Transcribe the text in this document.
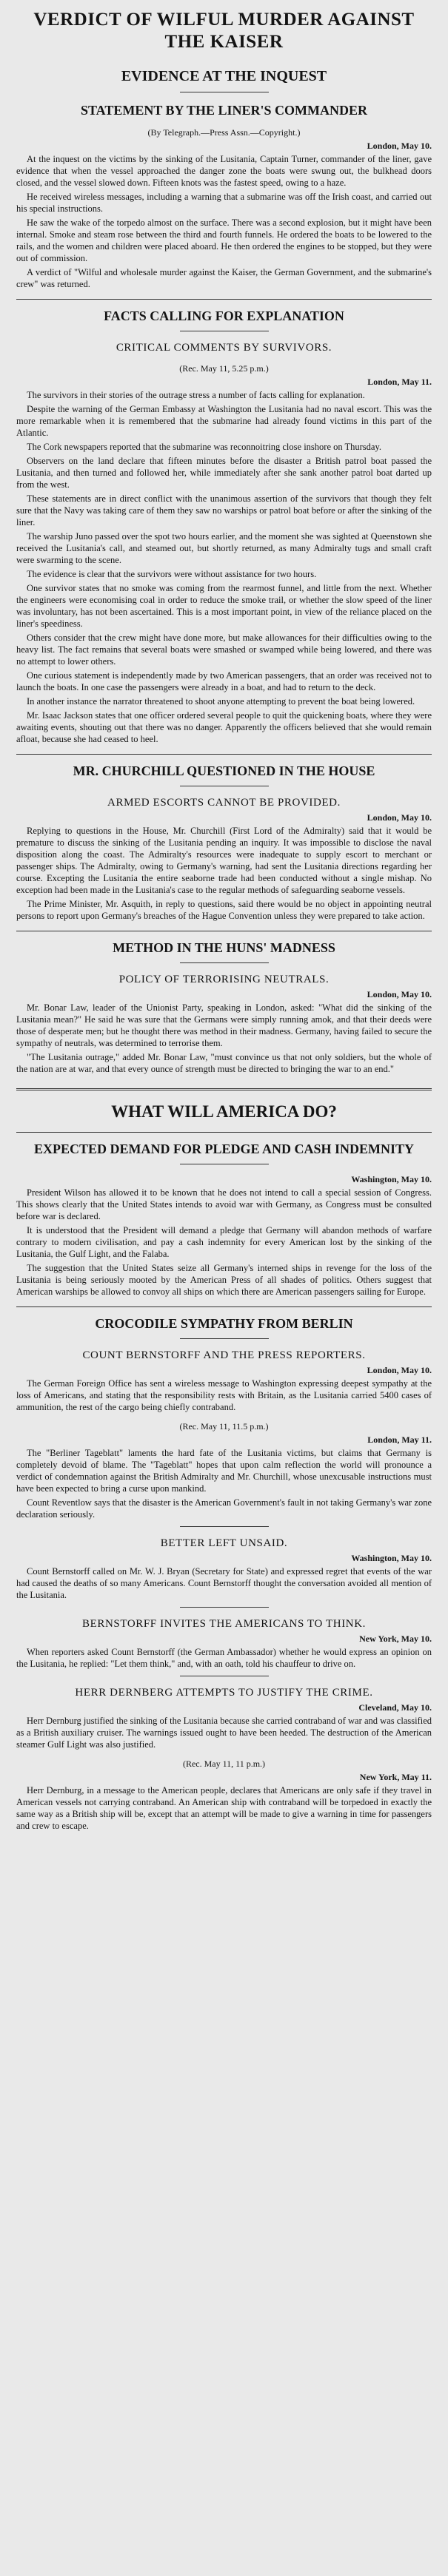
VERDICT OF WILFUL MURDER AGAINST
THE KAISER
EVIDENCE AT THE INQUEST
STATEMENT BY THE LINER'S COMMANDER
(By Telegraph.—Press Assn.—Copyright.)
London, May 10.

At the inquest on the victims by the sinking of the Lusitania, Captain Turner, commander of the liner, gave evidence that when the vessel approached the danger zone the boats were swung out, the bulkhead doors closed, and the vessel slowed down. Fifteen knots was the fastest speed, owing to a haze.

He received wireless messages, including a warning that a submarine was off the Irish coast, and carried out his special instructions.

He saw the wake of the torpedo almost on the surface. There was a second explosion, but it might have been internal. Smoke and steam rose between the third and fourth funnels. He ordered the boats to be lowered to the rails, and the women and children were placed aboard. He then ordered the engines to be stopped, but they were out of commission.

A verdict of "Wilful and wholesale murder against the Kaiser, the German Government, and the submarine's crew" was returned.

FACTS CALLING FOR EXPLANATION
CRITICAL COMMENTS BY SURVIVORS.
(Rec. May 11, 5.25 p.m.)
London, May 11.

The survivors in their stories of the outrage stress a number of facts calling for explanation.

Despite the warning of the German Embassy at Washington the Lusitania had no naval escort. This was the more remarkable when it is remembered that the submarine had already found victims in this part of the Atlantic.

The Cork newspapers reported that the submarine was reconnoitring close inshore on Thursday.

Observers on the land declare that fifteen minutes before the disaster a British patrol boat passed the Lusitania, and then turned and followed her, while immediately after she sank another patrol boat darted up from the west.

These statements are in direct conflict with the unanimous assertion of the survivors that though they felt sure that the Navy was taking care of them they saw no warships or patrol boat before or after the sinking of the liner.

The warship Juno passed over the spot two hours earlier, and the moment she was sighted at Queenstown she received the Lusitania's call, and steamed out, but shortly returned, as many Admiralty tugs and small craft were swarming to the scene.

The evidence is clear that the survivors were without assistance for two hours.

One survivor states that no smoke was coming from the rearmost funnel, and little from the next. Whether the engineers were economising coal in order to reduce the smoke trail, or whether the slow speed of the liner was involuntary, has not been ascertained. This is a most important point, in view of the reliance placed on the liner's speediness.

Others consider that the crew might have done more, but make allowances for their difficulties owing to the heavy list. The fact remains that several boats were smashed or swamped while being lowered, and there was no attempt to lower others.

One curious statement is independently made by two American passengers, that an order was received not to launch the boats. In one case the passengers were already in a boat, and had to return to the deck.

In another instance the narrator threatened to shoot anyone attempting to prevent the boat being lowered.

Mr. Isaac Jackson states that one officer ordered several people to quit the quickening boats, where they were awaiting events, shouting out that there was no danger. Apparently the officers believed that she would remain afloat, because she had ceased to heel.

MR. CHURCHILL QUESTIONED IN THE HOUSE
ARMED ESCORTS CANNOT BE PROVIDED.
London, May 10.

Replying to questions in the House, Mr. Churchill (First Lord of the Admiralty) said that it would be premature to discuss the sinking of the Lusitania pending an inquiry. It was impossible to disclose the naval disposition along the coast. The Admiralty's resources were inadequate to supply escort to merchant or passenger ships. The Admiralty, owing to Germany's warning, had sent the Lusitania directions regarding her course. Excepting the Lusitania the entire seaborne trade had been conducted without a single mishap. No exception had been made in the Lusitania's case to the regular methods of safeguarding seaborne vessels.

The Prime Minister, Mr. Asquith, in reply to questions, said there would be no object in appointing neutral persons to report upon Germany's breaches of the Hague Convention unless they were prepared to take action.

METHOD IN THE HUNS' MADNESS
POLICY OF TERRORISING NEUTRALS.
London, May 10.

Mr. Bonar Law, leader of the Unionist Party, speaking in London, asked: "What did the sinking of the Lusitania mean?" He said he was sure that the Germans were simply running amok, and that their deeds were those of desperate men; but he thought there was method in their madness. Germany, having failed to secure the sympathy of neutrals, was determined to terrorise them.

"The Lusitania outrage," added Mr. Bonar Law, "must convince us that not only soldiers, but the whole of the nation are at war, and that every ounce of strength must be directed to bringing the war to an end."

WHAT WILL AMERICA DO?
EXPECTED DEMAND FOR PLEDGE AND CASH INDEMNITY
Washington, May 10.

President Wilson has allowed it to be known that he does not intend to call a special session of Congress. This shows clearly that the United States intends to avoid war with Germany, as Congress must be consulted before war is declared.

It is understood that the President will demand a pledge that Germany will abandon methods of warfare contrary to modern civilisation, and pay a cash indemnity for every American lost by the sinking of the Lusitania, the Gulf Light, and the Falaba.

The suggestion that the United States seize all Germany's interned ships in revenge for the loss of the Lusitania is being seriously mooted by the American Press of all shades of politics. Others suggest that American warships be allowed to convoy all ships on which there are American passengers sailing for Europe.

CROCODILE SYMPATHY FROM BERLIN
COUNT BERNSTORFF AND THE PRESS REPORTERS.
London, May 10.

The German Foreign Office has sent a wireless message to Washington expressing deepest sympathy at the loss of Americans, and stating that the responsibility rests with Britain, as the Lusitania carried 5400 cases of ammunition, the rest of the cargo being chiefly contraband.

(Rec. May 11, 11.5 p.m.)
London, May 11.

The "Berliner Tageblatt" laments the hard fate of the Lusitania victims, but claims that Germany is completely devoid of blame. The "Tageblatt" hopes that upon calm reflection the world will pronounce a verdict of condemnation against the British Admiralty and Mr. Churchill, whose unexcusable instructions must have been expected to bring a curse upon mankind.

Count Reventlow says that the disaster is the American Government's fault in not taking Germany's war zone declaration seriously.

BETTER LEFT UNSAID.
Washington, May 10.

Count Bernstorff called on Mr. W. J. Bryan (Secretary for State) and expressed regret that events of the war had caused the deaths of so many Americans. Count Bernstorff thought the conversation avoided all mention of the Lusitania.

BERNSTORFF INVITES THE AMERICANS TO THINK.
New York, May 10.

When reporters asked Count Bernstorff (the German Ambassador) whether he would express an opinion on the Lusitania, he replied: "Let them think," and, with an oath, told his chauffeur to drive on.

HERR DERNBERG ATTEMPTS TO JUSTIFY THE CRIME.
Cleveland, May 10.

Herr Dernburg justified the sinking of the Lusitania because she carried contraband of war and was classified as a British auxiliary cruiser. The warnings issued ought to have been heeded. The destruction of the American steamer Gulf Light was also justified.

(Rec. May 11, 11 p.m.)
New York, May 11.

Herr Dernburg, in a message to the American people, declares that Americans are only safe if they travel in American vessels not carrying contraband. An American ship with contraband will be torpedoed in exactly the same way as a British ship will be, except that an attempt will be made to give a warning in time for passengers and crew to escape.
